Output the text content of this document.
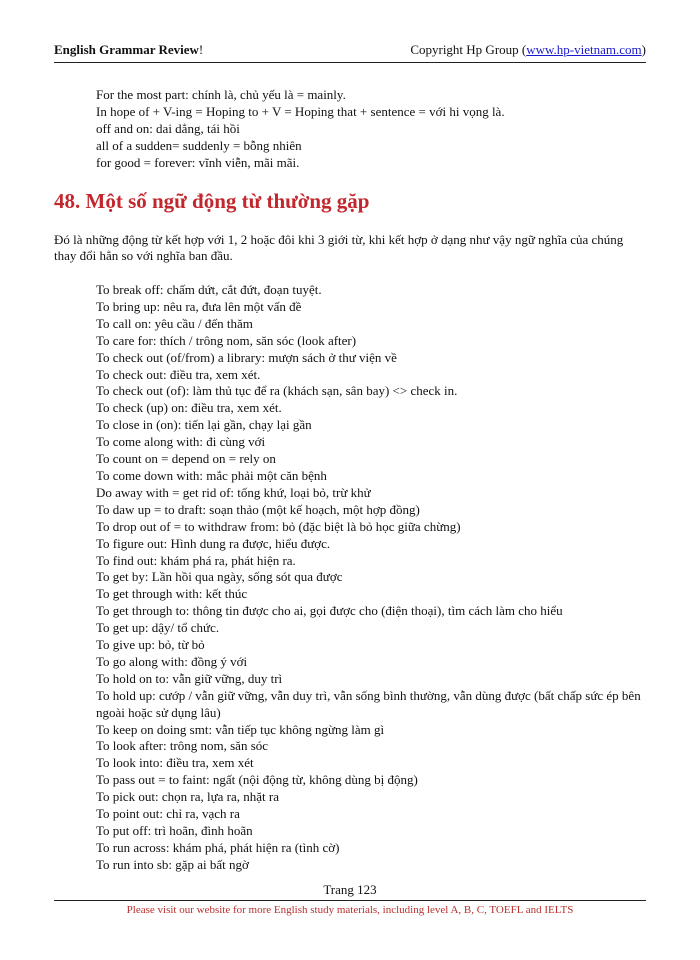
English Grammar Review!	Copyright Hp Group (www.hp-vietnam.com)
For the most part: chính là, chủ yếu là = mainly.
In hope of + V-ing = Hoping to + V = Hoping that + sentence = với hi vọng là.
off and on: dai dẳng, tái hồi
all of a sudden= suddenly = bỗng nhiên
for good = forever: vĩnh viễn, mãi mãi.
48. Một số ngữ động từ thường gặp
Đó là những động từ kết hợp với 1, 2 hoặc đôi khi 3 giới từ, khi kết hợp ở dạng như vậy ngữ nghĩa của chúng thay đổi hẳn so với nghĩa ban đầu.
To break off: chấm dứt, cắt đứt, đoạn tuyệt.
To bring up: nêu ra, đưa lên một vấn đề
To call on: yêu cầu / đến thăm
To care for: thích / trông nom, săn sóc (look after)
To check out (of/from) a library: mượn sách ở thư viện về
To check out: điều tra, xem xét.
To check out (of): làm thủ tục để ra (khách sạn, sân bay) <> check in.
To check (up) on: điều tra, xem xét.
To close in (on): tiến lại gần, chạy lại gần
To come along with: đi cùng với
To count on = depend on = rely on
To come down with: mắc phải một căn bệnh
Do away with = get rid of: tống khứ, loại bỏ, trừ khử
To daw up = to draft: soạn thảo (một kế hoạch, một hợp đồng)
To drop out of = to withdraw from: bỏ (đặc biệt là bỏ học giữa chừng)
To figure out: Hình dung ra được, hiểu được.
To find out: khám phá ra, phát hiện ra.
To get by: Lần hồi qua ngày, sống sót qua được
To get through with: kết thúc
To get through to: thông tin được cho ai, gọi được cho (điện thoại), tìm cách làm cho hiểu
To get up: dậy/ tổ chức.
To give up: bỏ, từ bỏ
To go along with: đồng ý với
To hold on to: vẫn giữ vững, duy trì
To hold up: cướp / vẫn giữ vững, vẫn duy trì, vẫn sống bình thường, vẫn dùng được (bất chấp sức ép bên ngoài hoặc sử dụng lâu)
To keep on doing smt: vẫn tiếp tục không ngừng làm gì
To look after: trông nom, săn sóc
To look into: điều tra, xem xét
To pass out = to faint: ngất (nội động từ, không dùng bị động)
To pick out: chọn ra, lựa ra, nhặt ra
To point out: chỉ ra, vạch ra
To put off: trì hoãn, đình hoãn
To run across: khám phá, phát hiện ra (tình cờ)
To run into sb: gặp ai bất ngờ
Trang 123
Please visit our website for more English study materials, including level A, B, C, TOEFL and IELTS
